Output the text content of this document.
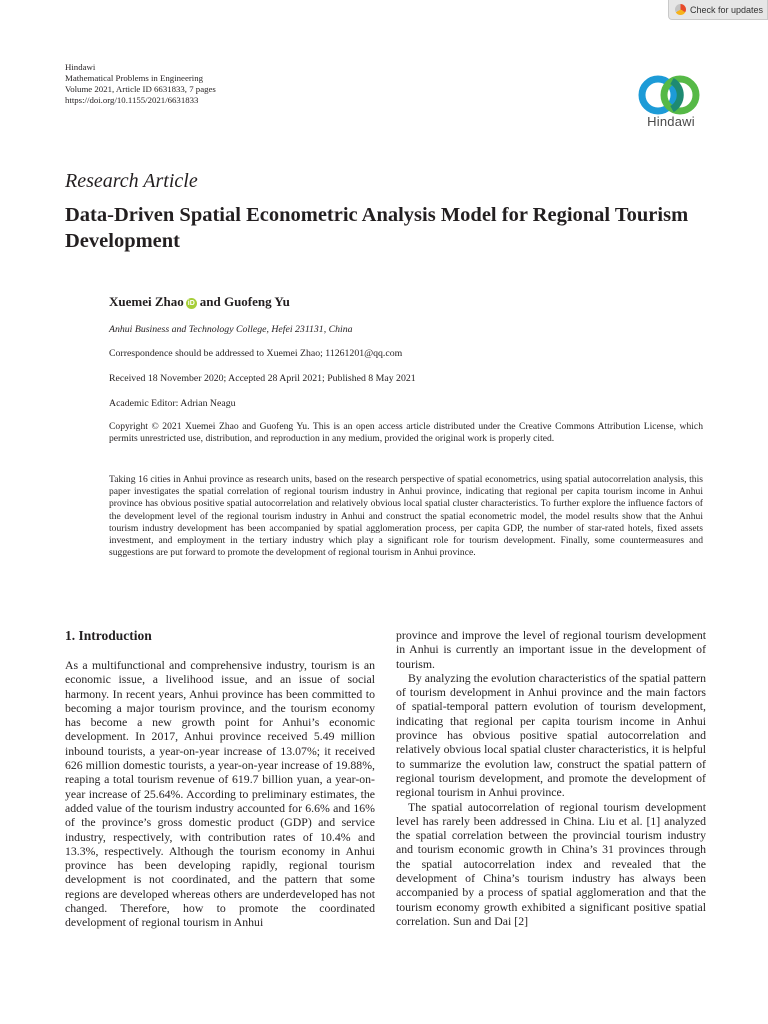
Check for updates
Hindawi
Mathematical Problems in Engineering
Volume 2021, Article ID 6631833, 7 pages
https://doi.org/10.1155/2021/6631833
Hindawi
Research Article
Data-Driven Spatial Econometric Analysis Model for Regional Tourism Development
Xuemei Zhao iD and Guofeng Yu
Anhui Business and Technology College, Hefei 231131, China
Correspondence should be addressed to Xuemei Zhao; 11261201@qq.com
Received 18 November 2020; Accepted 28 April 2021; Published 8 May 2021
Academic Editor: Adrian Neagu
Copyright © 2021 Xuemei Zhao and Guofeng Yu. This is an open access article distributed under the Creative Commons Attribution License, which permits unrestricted use, distribution, and reproduction in any medium, provided the original work is properly cited.
Taking 16 cities in Anhui province as research units, based on the research perspective of spatial econometrics, using spatial autocorrelation analysis, this paper investigates the spatial correlation of regional tourism industry in Anhui province, indicating that regional per capita tourism income in Anhui province has obvious positive spatial autocorrelation and relatively obvious local spatial cluster characteristics. To further explore the influence factors of the development level of the regional tourism industry in Anhui and construct the spatial econometric model, the model results show that the Anhui tourism industry development has been accompanied by spatial agglomeration process, per capita GDP, the number of star-rated hotels, fixed assets investment, and employment in the tertiary industry which play a significant role for tourism development. Finally, some countermeasures and suggestions are put forward to promote the development of regional tourism in Anhui province.
1. Introduction

As a multifunctional and comprehensive industry, tourism is an economic issue, a livelihood issue, and an issue of social harmony. In recent years, Anhui province has been committed to becoming a major tourism province, and the tourism economy has become a new growth point for Anhui’s economic development. In 2017, Anhui province received 5.49 million inbound tourists, a year-on-year increase of 13.07%; it received 626 million domestic tourists, a year-on-year increase of 19.88%, reaping a total tourism revenue of 619.7 billion yuan, a year-on-year increase of 25.64%. According to preliminary estimates, the added value of the tourism industry accounted for 6.6% and 16% of the province’s gross domestic product (GDP) and service industry, respectively, with contribution rates of 10.4% and 13.3%, respectively. Although the tourism economy in Anhui province has been developing rapidly, regional tourism development is not coordinated, and the pattern that some regions are developed whereas others are underdeveloped has not changed. Therefore, how to promote the coordinated development of regional tourism in Anhui

province and improve the level of regional tourism development in Anhui is currently an important issue in the development of tourism.

By analyzing the evolution characteristics of the spatial pattern of tourism development in Anhui province and the main factors of spatial-temporal pattern evolution of tourism development, indicating that regional per capita tourism income in Anhui province has obvious positive spatial autocorrelation and relatively obvious local spatial cluster characteristics, it is helpful to summarize the evolution law, construct the spatial pattern of regional tourism development, and promote the development of regional tourism in Anhui province.

The spatial autocorrelation of regional tourism development level has rarely been addressed in China. Liu et al. [1] analyzed the spatial correlation between the provincial tourism industry and tourism economic growth in China’s 31 provinces through the spatial autocorrelation index and revealed that the development of China’s tourism industry has always been accompanied by a process of spatial agglomeration and that the tourism economy growth exhibited a significant positive spatial correlation. Sun and Dai [2]
